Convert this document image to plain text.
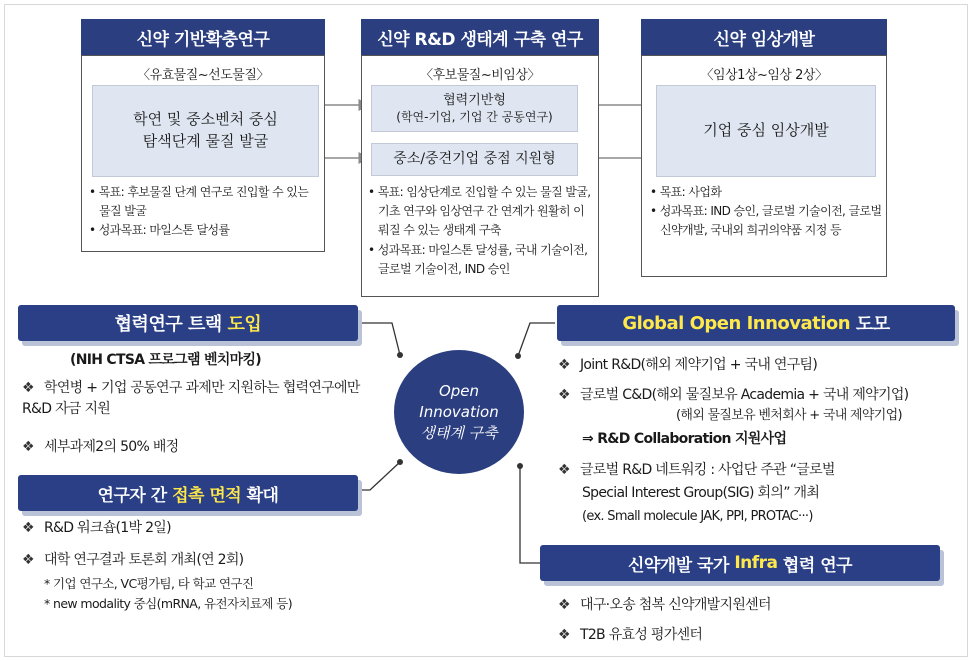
신약 기반확충연구
〈유효물질~선도물질〉
학연 및 중소벤처 중심
탐색단계 물질 발굴
• 목표: 후보물질 단계 연구로 진입할 수 있는 물질 발굴
• 성과목표: 마일스톤 달성률
신약 R&D 생태계 구축 연구
〈후보물질~비임상〉
협력기반형
(학연-기업, 기업 간 공동연구)
중소/중견기업 중점 지원형
• 목표: 임상단계로 진입할 수 있는 물질 발굴, 기초 연구와 임상연구 간 연계가 원활히 이뤄질 수 있는 생태계 구축
• 성과목표: 마일스톤 달성률, 국내 기술이전, 글로벌 기술이전, IND 승인
신약 임상개발
〈임상1상~임상 2상〉
기업 중심 임상개발
• 목표: 사업화
• 성과목표: IND 승인, 글로벌 기술이전, 글로벌 신약개발, 국내외 희귀의약품 지정 등
Open
Innovation
생태계 구축
협력연구 트랙 도입
(NIH CTSA 프로그램 벤치마킹)
❖ 학연병 + 기업 공동연구 과제만 지원하는 협력연구에만 R&D 자금 지원
❖ 세부과제2의 50% 배정
연구자 간 접촉 면적 확대
❖ R&D 워크숍(1박 2일)
❖ 대학 연구결과 토론회 개최(연 2회)
* 기업 연구소, VC평가팀, 타 학교 연구진
* new modality 중심(mRNA, 유전자치료제 등)
Global Open Innovation 도모
❖ Joint R&D(해외 제약기업 + 국내 연구팀)
❖ 글로벌 C&D(해외 물질보유 Academia + 국내 제약기업)
(해외 물질보유 벤처회사 + 국내 제약기업)
⇒ R&D Collaboration 지원사업
❖ 글로벌 R&D 네트워킹 : 사업단 주관 “글로벌
Special Interest Group(SIG) 회의” 개최
(ex. Small molecule JAK, PPI, PROTAC···)
신약개발 국가 Infra 협력 연구
❖ 대구·오송 첨복 신약개발지원센터
❖ T2B 유효성 평가센터
